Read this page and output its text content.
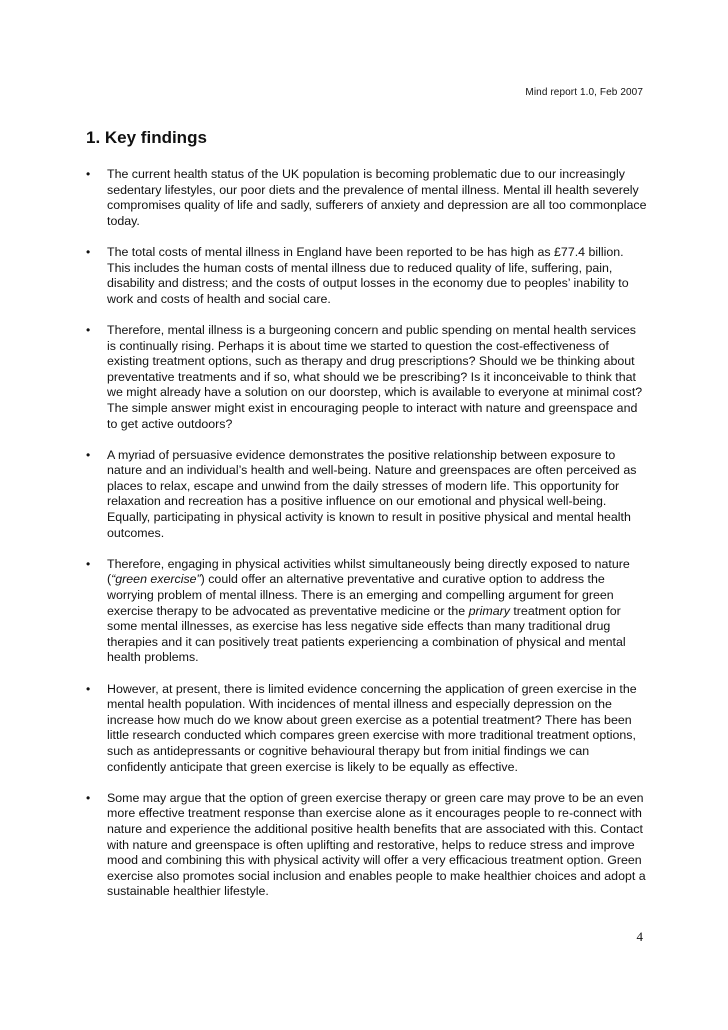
Mind report 1.0, Feb 2007
1. Key findings
• The current health status of the UK population is becoming problematic due to our increasingly sedentary lifestyles, our poor diets and the prevalence of mental illness. Mental ill health severely compromises quality of life and sadly, sufferers of anxiety and depression are all too commonplace today.
• The total costs of mental illness in England have been reported to be has high as £77.4 billion. This includes the human costs of mental illness due to reduced quality of life, suffering, pain, disability and distress; and the costs of output losses in the economy due to peoples’ inability to work and costs of health and social care.
• Therefore, mental illness is a burgeoning concern and public spending on mental health services is continually rising. Perhaps it is about time we started to question the cost-effectiveness of existing treatment options, such as therapy and drug prescriptions? Should we be thinking about preventative treatments and if so, what should we be prescribing? Is it inconceivable to think that we might already have a solution on our doorstep, which is available to everyone at minimal cost? The simple answer might exist in encouraging people to interact with nature and greenspace and to get active outdoors?
• A myriad of persuasive evidence demonstrates the positive relationship between exposure to nature and an individual’s health and well-being. Nature and greenspaces are often perceived as places to relax, escape and unwind from the daily stresses of modern life. This opportunity for relaxation and recreation has a positive influence on our emotional and physical well-being. Equally, participating in physical activity is known to result in positive physical and mental health outcomes.
• Therefore, engaging in physical activities whilst simultaneously being directly exposed to nature (“green exercise”) could offer an alternative preventative and curative option to address the worrying problem of mental illness. There is an emerging and compelling argument for green exercise therapy to be advocated as preventative medicine or the primary treatment option for some mental illnesses, as exercise has less negative side effects than many traditional drug therapies and it can positively treat patients experiencing a combination of physical and mental health problems.
• However, at present, there is limited evidence concerning the application of green exercise in the mental health population. With incidences of mental illness and especially depression on the increase how much do we know about green exercise as a potential treatment? There has been little research conducted which compares green exercise with more traditional treatment options, such as antidepressants or cognitive behavioural therapy but from initial findings we can confidently anticipate that green exercise is likely to be equally as effective.
• Some may argue that the option of green exercise therapy or green care may prove to be an even more effective treatment response than exercise alone as it encourages people to re-connect with nature and experience the additional positive health benefits that are associated with this. Contact with nature and greenspace is often uplifting and restorative, helps to reduce stress and improve mood and combining this with physical activity will offer a very efficacious treatment option. Green exercise also promotes social inclusion and enables people to make healthier choices and adopt a sustainable healthier lifestyle.
4
